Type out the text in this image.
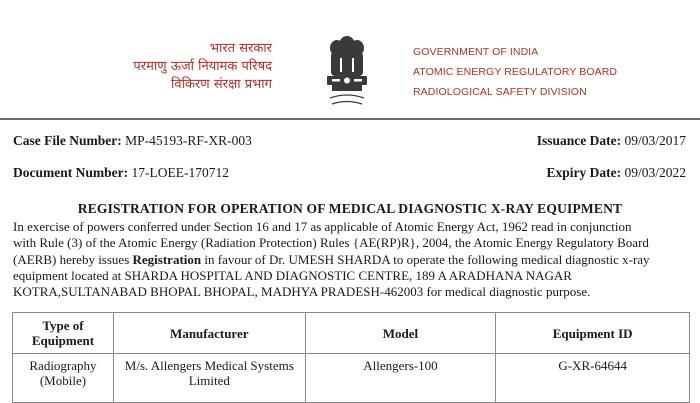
भारत सरकार
परमाणु ऊर्जा नियामक परिषद
विकिरण संरक्षा प्रभाग
GOVERNMENT OF INDIA
ATOMIC ENERGY REGULATORY BOARD
RADIOLOGICAL SAFETY DIVISION
Case File Number: MP-45193-RF-XR-003	Issuance Date: 09/03/2017
Document Number: 17-LOEE-170712	Expiry Date: 09/03/2022
REGISTRATION FOR OPERATION OF MEDICAL DIAGNOSTIC X-RAY EQUIPMENT
In exercise of powers conferred under Section 16 and 17 as applicable of Atomic Energy Act, 1962 read in conjunction
with Rule (3) of the Atomic Energy (Radiation Protection) Rules {AE(RP)R}, 2004, the Atomic Energy Regulatory Board
(AERB) hereby issues Registration in favour of Dr. UMESH SHARDA to operate the following medical diagnostic x-ray
equipment located at SHARDA HOSPITAL AND DIAGNOSTIC CENTRE, 189 A ARADHANA NAGAR
KOTRA,SULTANABAD BHOPAL BHOPAL, MADHYA PRADESH-462003 for medical diagnostic purpose.
Type of Equipment	Manufacturer	Model	Equipment ID
Radiography (Mobile)	M/s. Allengers Medical Systems Limited	Allengers-100	G-XR-64644
